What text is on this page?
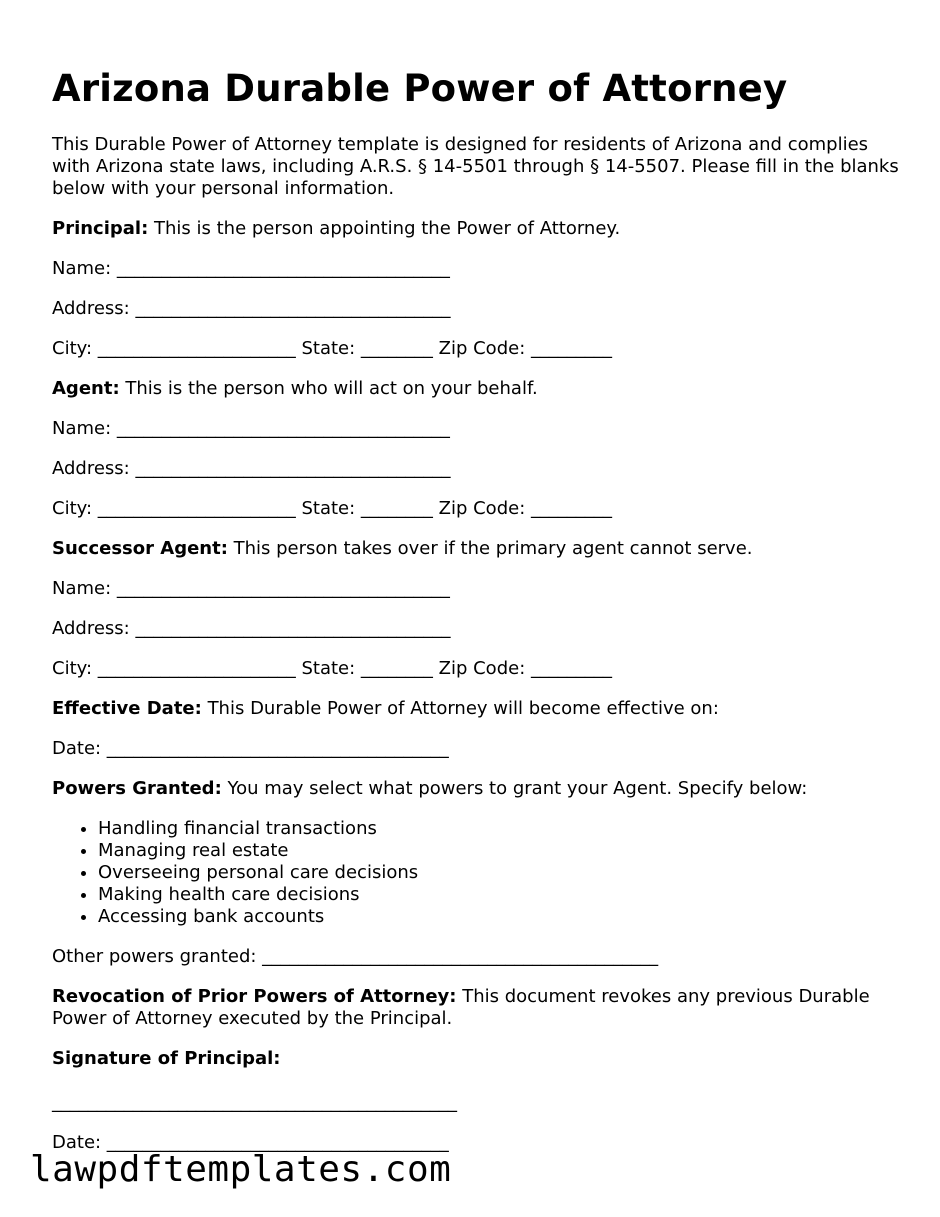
Arizona Durable Power of Attorney

This Durable Power of Attorney template is designed for residents of Arizona and complies with Arizona state laws, including A.R.S. § 14-5501 through § 14-5507. Please fill in the blanks below with your personal information.

Principal: This is the person appointing the Power of Attorney.

Name: _____________________________________
Address: ___________________________________
City: ______________________ State: ________ Zip Code: _________

Agent: This is the person who will act on your behalf.

Name: _____________________________________
Address: ___________________________________
City: ______________________ State: ________ Zip Code: _________

Successor Agent: This person takes over if the primary agent cannot serve.

Name: _____________________________________
Address: ___________________________________
City: ______________________ State: ________ Zip Code: _________

Effective Date: This Durable Power of Attorney will become effective on:

Date: ______________________________________

Powers Granted: You may select what powers to grant your Agent. Specify below:

• Handling financial transactions
• Managing real estate
• Overseeing personal care decisions
• Making health care decisions
• Accessing bank accounts
Other powers granted: ____________________________________________

Revocation of Prior Powers of Attorney: This document revokes any previous Durable Power of Attorney executed by the Principal.

Signature of Principal:

_____________________________________________
Date: ______________________________________
lawpdftemplates.com
